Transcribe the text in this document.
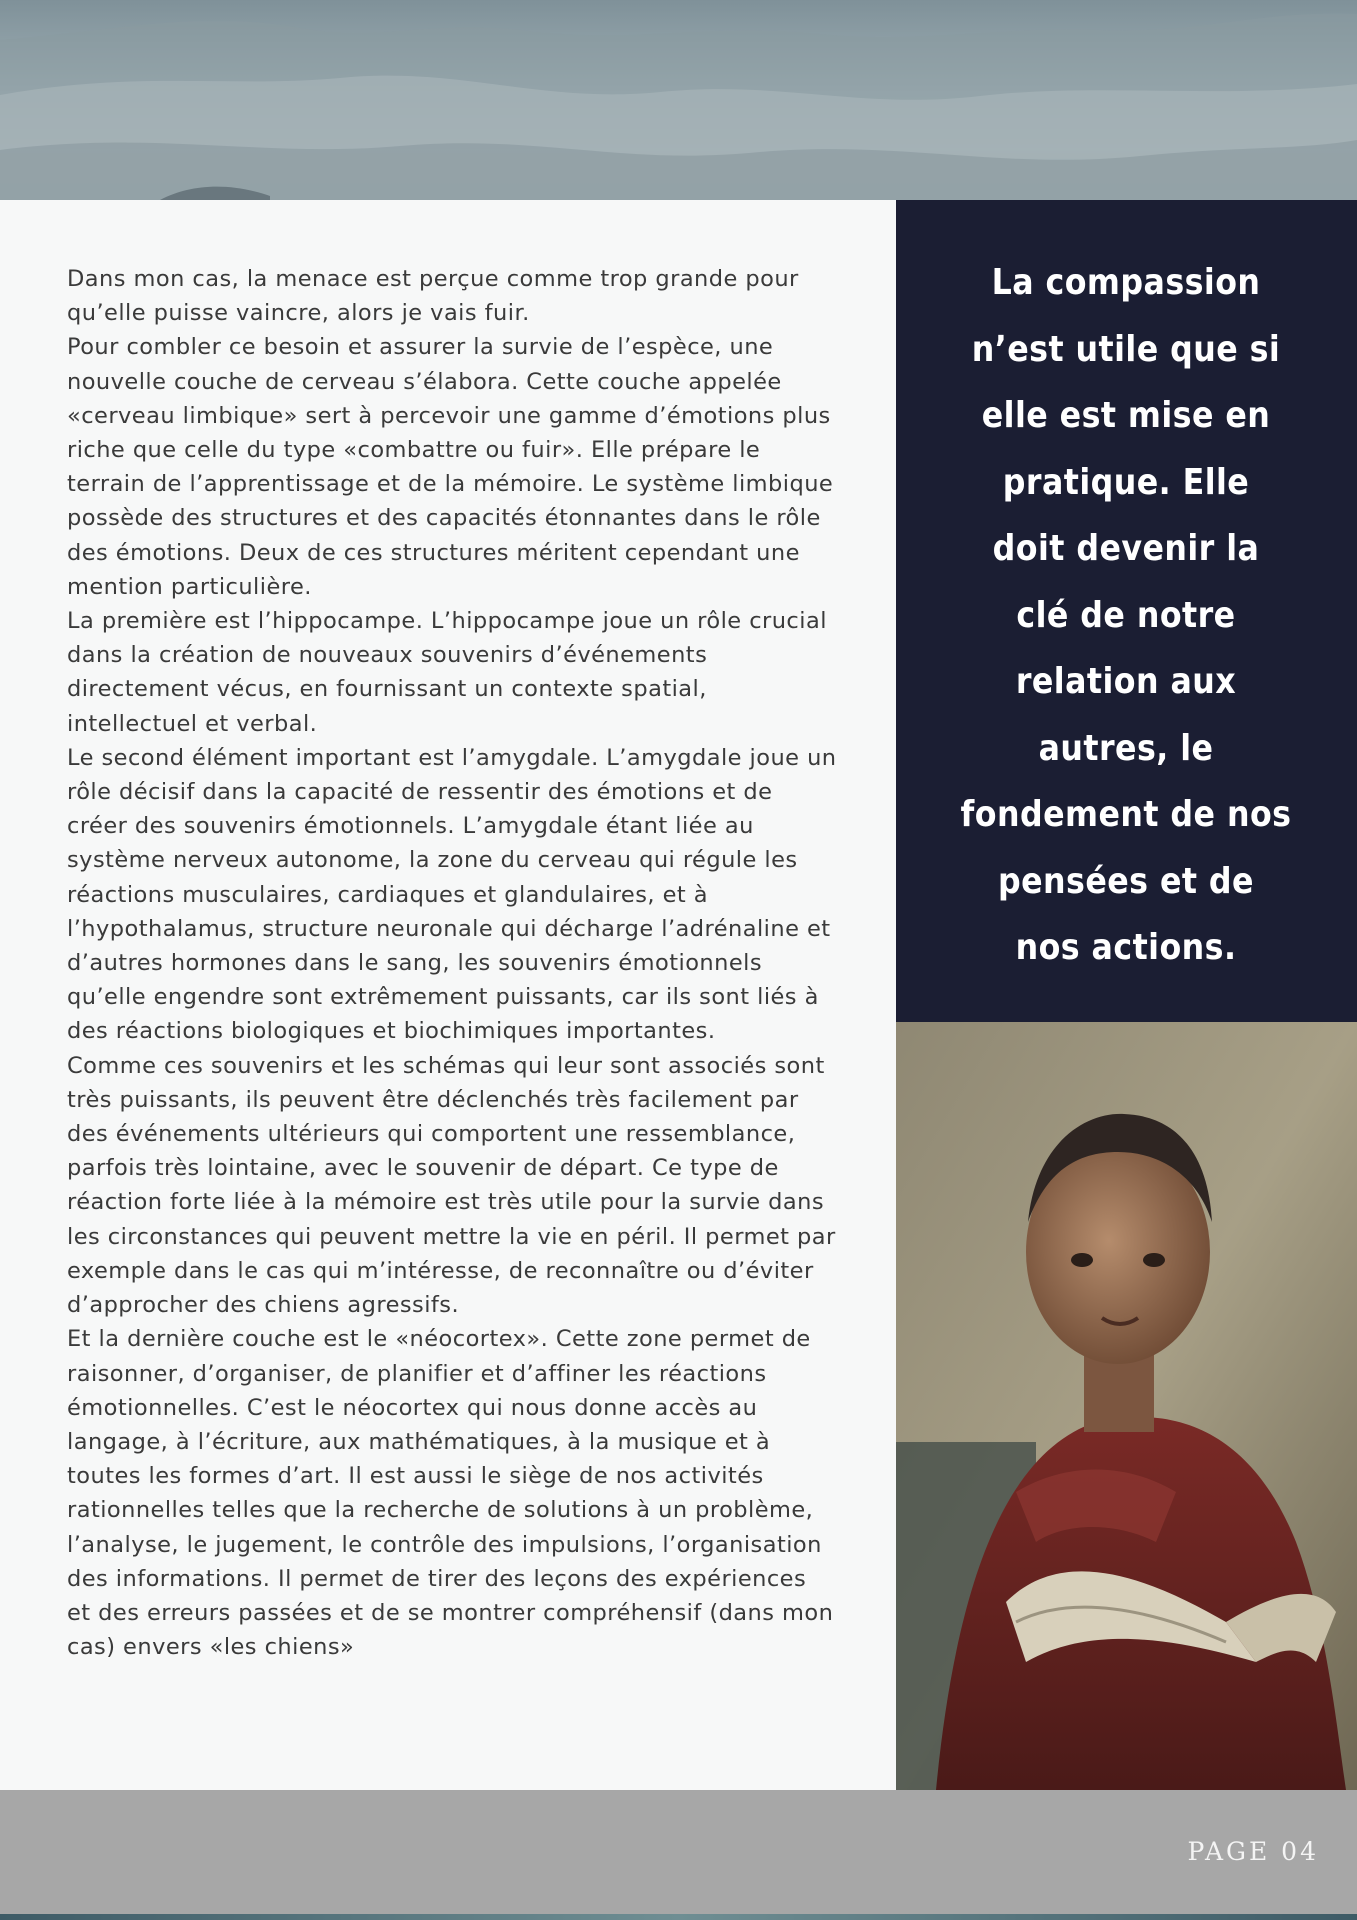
Dans mon cas, la menace est perçue comme trop grande pour qu’elle puisse vaincre, alors je vais fuir.

Pour combler ce besoin et assurer la survie de l’espèce, une nouvelle couche de cerveau s’élabora. Cette couche appelée «cerveau limbique» sert à percevoir une gamme d’émotions plus riche que celle du type «combattre ou fuir». Elle prépare le terrain de l’apprentissage et de la mémoire. Le système limbique possède des structures et des capacités étonnantes dans le rôle des émotions. Deux de ces structures méritent cependant une mention particulière.

La première est l’hippocampe. L’hippocampe joue un rôle crucial dans la création de nouveaux souvenirs d’événements directement vécus, en fournissant un contexte spatial, intellectuel et verbal.

Le second élément important est l’amygdale. L’amygdale joue un rôle décisif dans la capacité de ressentir des émotions et de créer des souvenirs émotionnels. L’amygdale étant liée au système nerveux autonome, la zone du cerveau qui régule les réactions musculaires, cardiaques et glandulaires, et à l’hypothalamus, structure neuronale qui décharge l’adrénaline et d’autres hormones dans le sang, les souvenirs émotionnels qu’elle engendre sont extrêmement puissants, car ils sont liés à des réactions biologiques et biochimiques importantes.

Comme ces souvenirs et les schémas qui leur sont associés sont très puissants, ils peuvent être déclenchés très facilement par des événements ultérieurs qui comportent une ressemblance, parfois très lointaine, avec le souvenir de départ. Ce type de réaction forte liée à la mémoire est très utile pour la survie dans les circonstances qui peuvent mettre la vie en péril. Il permet par exemple dans le cas qui m’intéresse, de reconnaître ou d’éviter d’approcher des chiens agressifs.

Et la dernière couche est le «néocortex». Cette zone permet de raisonner, d’organiser, de planifier et d’affiner les réactions émotionnelles. C’est le néocortex qui nous donne accès au langage, à l’écriture, aux mathématiques, à la musique et à toutes les formes d’art. Il est aussi le siège de nos activités rationnelles telles que la recherche de solutions à un problème, l’analyse, le jugement, le contrôle des impulsions, l’organisation des informations. Il permet de tirer des leçons des expériences et des erreurs passées et de se montrer compréhensif (dans mon cas) envers «les chiens»

La compassion
n’est utile que si
elle est mise en
pratique. Elle
doit devenir la
clé de notre
relation aux
autres, le
fondement de nos
pensées et de
nos actions.
PAGE 04
